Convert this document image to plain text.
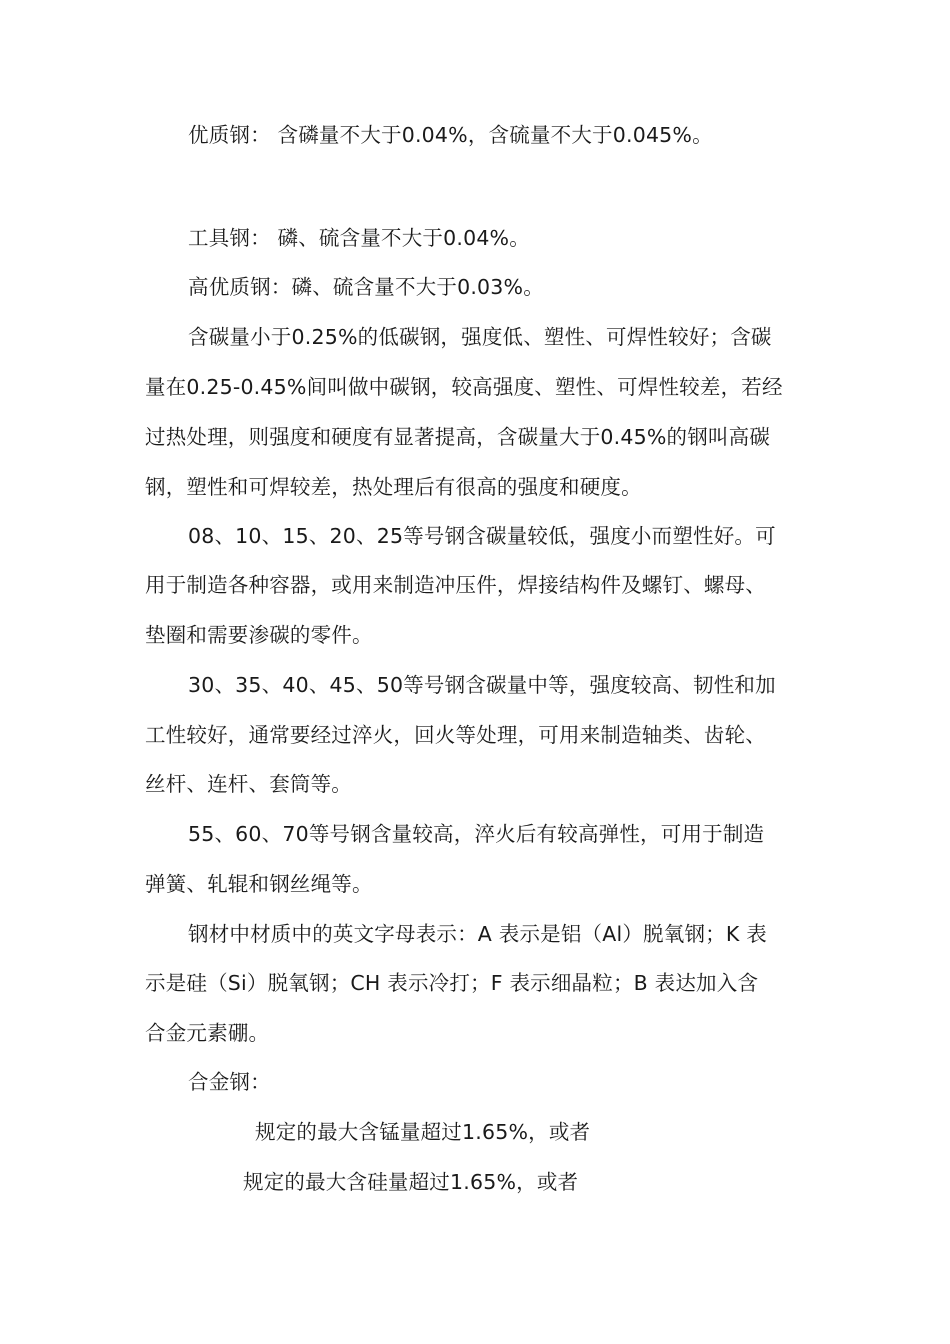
优质钢： 含磷量不大于0.04%，含硫量不大于0.045%。
工具钢： 磷、硫含量不大于0.04%。
高优质钢：磷、硫含量不大于0.03%。
含碳量小于0.25%的低碳钢，强度低、塑性、可焊性较好；含碳
量在0.25-0.45%间叫做中碳钢，较高强度、塑性、可焊性较差，若经
过热处理，则强度和硬度有显著提高，含碳量大于0.45%的钢叫高碳
钢，塑性和可焊较差，热处理后有很高的强度和硬度。
08、10、15、20、25等号钢含碳量较低，强度小而塑性好。可
用于制造各种容器，或用来制造冲压件，焊接结构件及螺钉、螺母、
垫圈和需要渗碳的零件。
30、35、40、45、50等号钢含碳量中等，强度较高、韧性和加
工性较好，通常要经过淬火，回火等处理，可用来制造轴类、齿轮、
丝杆、连杆、套筒等。
55、60、70等号钢含量较高，淬火后有较高弹性，可用于制造
弹簧、轧辊和钢丝绳等。
钢材中材质中的英文字母表示：A 表示是铝（Al）脱氧钢；K 表
示是硅（Si）脱氧钢；CH 表示冷打；F 表示细晶粒；B 表达加入含
合金元素硼。
合金钢：
规定的最大含锰量超过1.65%，或者
规定的最大含硅量超过1.65%，或者
